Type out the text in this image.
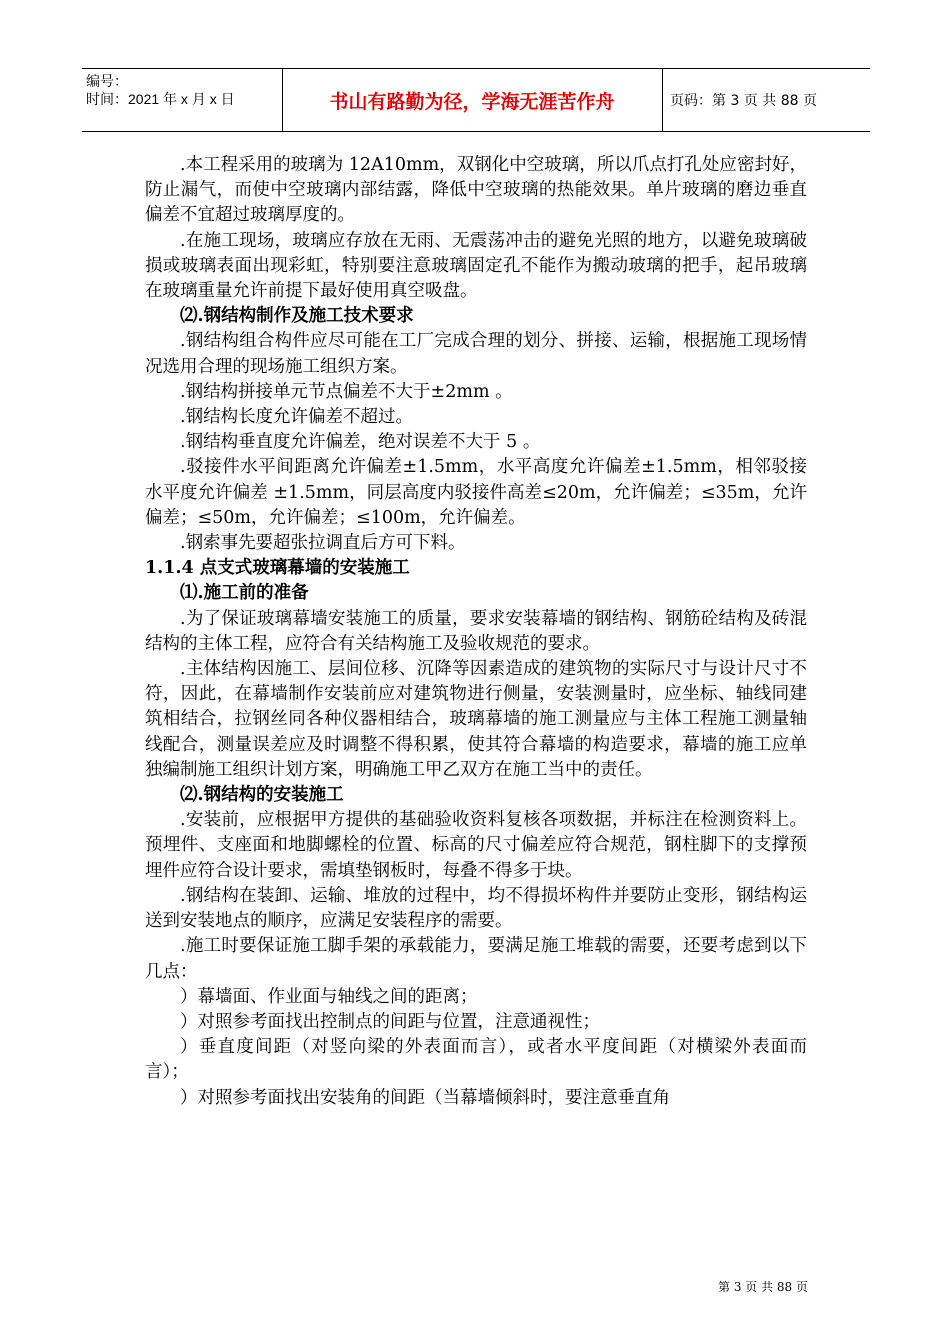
编号：
时间：2021 年 x 月 x 日	书山有路勤为径，学海无涯苦作舟	页码：第 3 页 共 88 页

.本工程采用的玻璃为 12A10mm，双钢化中空玻璃，所以爪点打孔处应密封好，防止漏气，而使中空玻璃内部结露，降低中空玻璃的热能效果。单片玻璃的磨边垂直偏差不宜超过玻璃厚度的。

.在施工现场，玻璃应存放在无雨、无震荡冲击的避免光照的地方，以避免玻璃破损或玻璃表面出现彩虹，特别要注意玻璃固定孔不能作为搬动玻璃的把手，起吊玻璃在玻璃重量允许前提下最好使用真空吸盘。

⑵.钢结构制作及施工技术要求

.钢结构组合构件应尽可能在工厂完成合理的划分、拼接、运输，根据施工现场情况选用合理的现场施工组织方案。

.钢结构拼接单元节点偏差不大于±2mm 。

.钢结构长度允许偏差不超过。

.钢结构垂直度允许偏差，绝对误差不大于 5 。

.驳接件水平间距离允许偏差±1.5mm，水平高度允许偏差±1.5mm，相邻驳接水平度允许偏差 ±1.5mm，同层高度内驳接件高差≤20m，允许偏差；≤35m，允许偏差；≤50m，允许偏差；≤100m，允许偏差。

.钢索事先要超张拉调直后方可下料。

1.1.4 点支式玻璃幕墙的安装施工

⑴.施工前的准备

.为了保证玻璃幕墙安装施工的质量，要求安装幕墙的钢结构、钢筋砼结构及砖混结构的主体工程，应符合有关结构施工及验收规范的要求。

.主体结构因施工、层间位移、沉降等因素造成的建筑物的实际尺寸与设计尺寸不符，因此，在幕墙制作安装前应对建筑物进行侧量，安装测量时，应坐标、轴线同建筑相结合，拉钢丝同各种仪器相结合，玻璃幕墙的施工测量应与主体工程施工测量轴线配合，测量误差应及时调整不得积累，使其符合幕墙的构造要求，幕墙的施工应单独编制施工组织计划方案，明确施工甲乙双方在施工当中的责任。

⑵.钢结构的安装施工

.安装前，应根据甲方提供的基础验收资料复核各项数据，并标注在检测资料上。预埋件、支座面和地脚螺栓的位置、标高的尺寸偏差应符合规范，钢柱脚下的支撑预埋件应符合设计要求，需填垫钢板时，每叠不得多于块。

.钢结构在装卸、运输、堆放的过程中，均不得损坏构件并要防止变形，钢结构运送到安装地点的顺序，应满足安装程序的需要。

.施工时要保证施工脚手架的承载能力，要满足施工堆载的需要，还要考虑到以下几点：

）幕墙面、作业面与轴线之间的距离；

）对照参考面找出控制点的间距与位置，注意通视性；

）垂直度间距（对竖向梁的外表面而言），或者水平度间距（对横梁外表面而言）；

）对照参考面找出安装角的间距（当幕墙倾斜时，要注意垂直角

第 3 页 共 88 页
